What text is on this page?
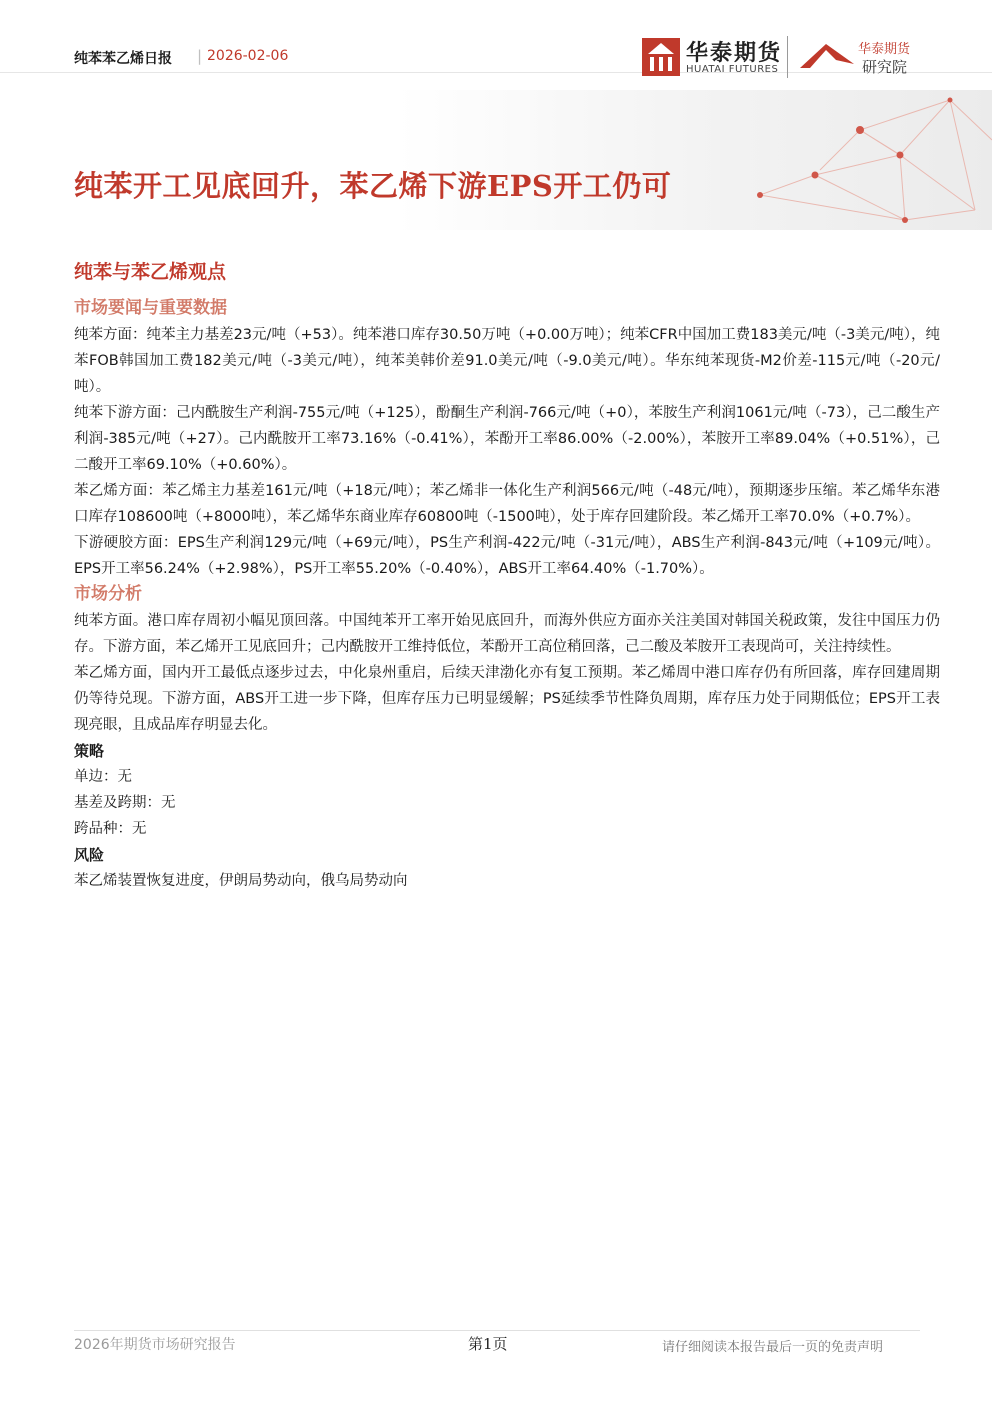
纯苯苯乙烯日报 | 2026-02-06	华泰期货
HUATAI FUTURES
华泰期货
研究院
纯苯开工见底回升，苯乙烯下游EPS开工仍可
纯苯与苯乙烯观点
市场要闻与重要数据

纯苯方面：纯苯主力基差23元/吨（+53）。纯苯港口库存30.50万吨（+0.00万吨）；纯苯CFR中国加工费183美元/吨（-3美元/吨），纯苯FOB韩国加工费182美元/吨（-3美元/吨），纯苯美韩价差91.0美元/吨（-9.0美元/吨）。华东纯苯现货-M2价差-115元/吨（-20元/吨）。

纯苯下游方面：己内酰胺生产利润-755元/吨（+125），酚酮生产利润-766元/吨（+0），苯胺生产利润1061元/吨（-73），己二酸生产利润-385元/吨（+27）。己内酰胺开工率73.16%（-0.41%），苯酚开工率86.00%（-2.00%），苯胺开工率89.04%（+0.51%），己二酸开工率69.10%（+0.60%）。

苯乙烯方面：苯乙烯主力基差161元/吨（+18元/吨）；苯乙烯非一体化生产利润566元/吨（-48元/吨），预期逐步压缩。苯乙烯华东港口库存108600吨（+8000吨），苯乙烯华东商业库存60800吨（-1500吨），处于库存回建阶段。苯乙烯开工率70.0%（+0.7%）。

下游硬胶方面：EPS生产利润129元/吨（+69元/吨），PS生产利润-422元/吨（-31元/吨），ABS生产利润-843元/吨（+109元/吨）。EPS开工率56.24%（+2.98%），PS开工率55.20%（-0.40%），ABS开工率64.40%（-1.70%）。

市场分析

纯苯方面。港口库存周初小幅见顶回落。中国纯苯开工率开始见底回升，而海外供应方面亦关注美国对韩国关税政策，发往中国压力仍存。下游方面，苯乙烯开工见底回升；己内酰胺开工维持低位，苯酚开工高位稍回落，己二酸及苯胺开工表现尚可，关注持续性。

苯乙烯方面，国内开工最低点逐步过去，中化泉州重启，后续天津渤化亦有复工预期。苯乙烯周中港口库存仍有所回落，库存回建周期仍等待兑现。下游方面，ABS开工进一步下降，但库存压力已明显缓解；PS延续季节性降负周期，库存压力处于同期低位；EPS开工表现亮眼，且成品库存明显去化。

策略

单边：无

基差及跨期：无

跨品种：无

风险

苯乙烯装置恢复进度，伊朗局势动向，俄乌局势动向

2026年期货市场研究报告	第1页	请仔细阅读本报告最后一页的免责声明
